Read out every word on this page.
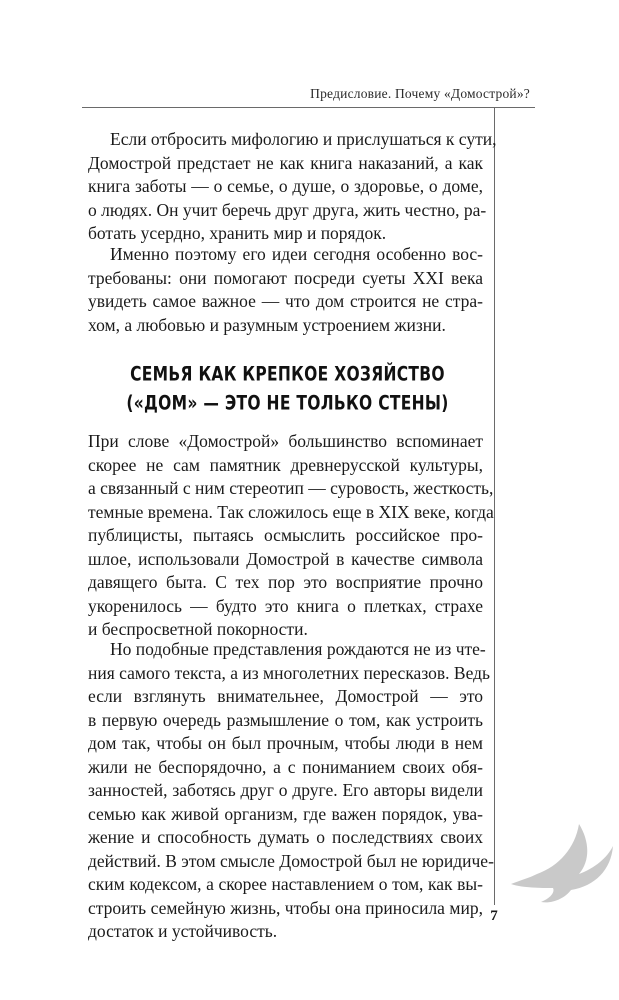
Предисловие. Почему «Домострой»?
Если отбросить мифологию и прислушаться к сути,
Домострой предстает не как книга наказаний, а как
книга заботы — о семье, о душе, о здоровье, о доме,
о людях. Он учит беречь друг друга, жить честно, ра-
ботать усердно, хранить мир и порядок.
Именно поэтому его идеи сегодня особенно вос-
требованы: они помогают посреди суеты XXI века
увидеть самое важное — что дом строится не стра-
хом, а любовью и разумным устроением жизни.
СЕМЬЯ КАК КРЕПКОЕ ХОЗЯЙСТВО
(«ДОМ» — ЭТО НЕ ТОЛЬКО СТЕНЫ)
При слове «Домострой» большинство вспоминает
скорее не сам памятник древнерусской культуры,
а связанный с ним стереотип — суровость, жесткость,
темные времена. Так сложилось еще в XIX веке, когда
публицисты, пытаясь осмыслить российское про-
шлое, использовали Домострой в качестве символа
давящего быта. С тех пор это восприятие прочно
укоренилось — будто это книга о плетках, страхе
и беспросветной покорности.
Но подобные представления рождаются не из чте-
ния самого текста, а из многолетних пересказов. Ведь
если взглянуть внимательнее, Домострой — это
в первую очередь размышление о том, как устроить
дом так, чтобы он был прочным, чтобы люди в нем
жили не беспорядочно, а с пониманием своих обя-
занностей, заботясь друг о друге. Его авторы видели
семью как живой организм, где важен порядок, ува-
жение и способность думать о последствиях своих
действий. В этом смысле Домострой был не юридиче-
ским кодексом, а скорее наставлением о том, как вы-
строить семейную жизнь, чтобы она приносила мир,
достаток и устойчивость.
7
